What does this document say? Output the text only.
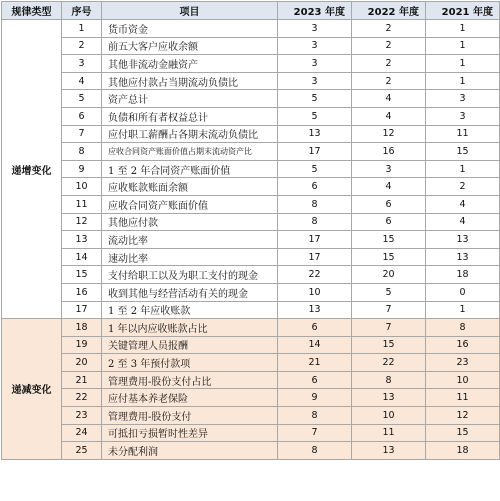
规律类型	序号	项目	2023 年度	2022 年度	2021 年度
递增变化	1	货币资金	3	2	1
	2	前五大客户应收余额	3	2	1
	3	其他非流动金融资产	3	2	1
	4	其他应付款占当期流动负债比	3	2	1
	5	资产总计	5	4	3
	6	负债和所有者权益总计	5	4	3
	7	应付职工薪酬占各期末流动负债比	13	12	11
	8	应收合同资产账面价值占期末流动资产比	17	16	15
	9	1 至 2 年合同资产账面价值	5	3	1
	10	应收账款账面余额	6	4	2
	11	应收合同资产账面价值	8	6	4
	12	其他应付款	8	6	4
	13	流动比率	17	15	13
	14	速动比率	17	15	13
	15	支付给职工以及为职工支付的现金	22	20	18
	16	收到其他与经营活动有关的现金	10	5	0
	17	1 至 2 年应收账款	13	7	1
递减变化	18	1 年以内应收账款占比	6	7	8
	19	关键管理人员报酬	14	15	16
	20	2 至 3 年预付款项	21	22	23
	21	管理费用-股份支付占比	6	8	10
	22	应付基本养老保险	9	13	11
	23	管理费用-股份支付	8	10	12
	24	可抵扣亏损暂时性差异	7	11	15
	25	未分配利润	8	13	18
